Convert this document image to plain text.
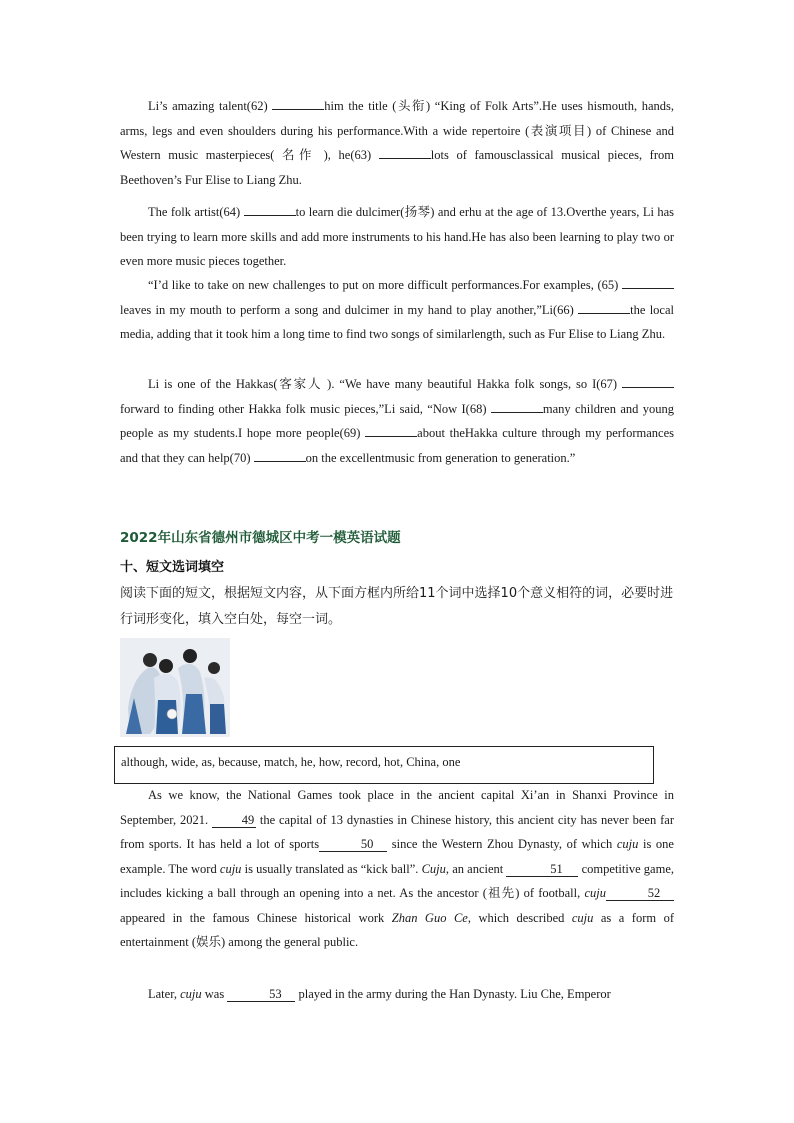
Li’s amazing talent(62)	him the title (头衔) “King of Folk Arts”.He uses hismouth, hands, arms, legs and even shoulders during his performance.With a wide repertoire (表演项目) of Chinese and Western music masterpieces( 名作 ), he(63)	lots of famousclassical musical pieces, from Beethoven’s Fur Elise to Liang Zhu.

The folk artist(64)	to learn die dulcimer(扬琴) and erhu at the age of 13.Overthe years, Li has been trying to learn more skills and add more instruments to his hand.He has also been learning to play two or even more music pieces together.

“I’d like to take on new challenges to put on more difficult performances.For examples, (65) leaves in my mouth to perform a song and dulcimer in my hand to play another,”Li(66)	the local media, adding that it took him a long time to find two songs of similarlength, such as Fur Elise to Liang Zhu.

Li is one of the Hakkas(客家人 ). “We have many beautiful Hakka folk songs, so I(67) forward to finding other Hakka folk music pieces,”Li said, “Now I(68)	many children and young people as my students.I hope more people(69)	about theHakka culture through my performances and that they can help(70)	on the excellentmusic from generation to generation.”

2022年山东省德州市德城区中考一模英语试题
十、短文选词填空

阅读下面的短文，根据短文内容，从下面方框内所给11个词中选择10个意义相符的词，必要时进行词形变化，填入空白处，每空一词。

although, wide, as, because, match, he, how, record, hot, China, one

As we know, the National Games took place in the ancient capital Xi’an in Shanxi Province in September, 2021. 49 the capital of 13 dynasties in Chinese history, this ancient city has never been far from sports. It has held a lot of sports	50 since the Western Zhou Dynasty, of which cuju is one example. The word cuju is usually translated as “kick ball”. Cuju, an ancient	51 competitive game, includes kicking a ball through an opening into a net. As the ancestor (祖先) of football, cuju	52 appeared in the famous Chinese historical work Zhan Guo Ce, which described cuju as a form of entertainment (娱乐) among the general public.

Later, cuju was	53 played in the army during the Han Dynasty. Liu Che, Emperor
